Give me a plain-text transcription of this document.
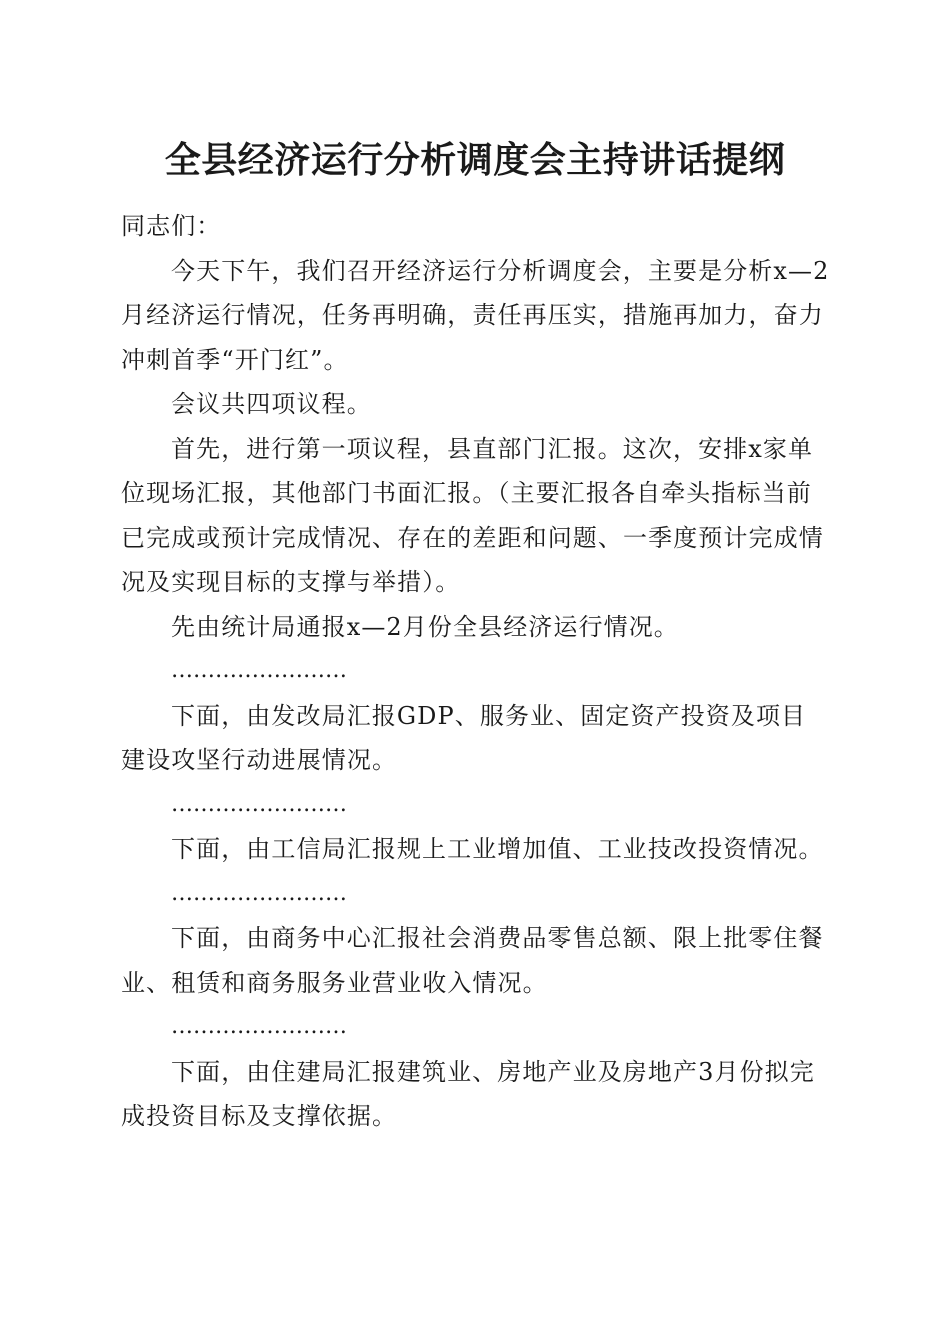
全县经济运行分析调度会主持讲话提纲

同志们：

今天下午，我们召开经济运行分析调度会，主要是分析x—2月经济运行情况，任务再明确，责任再压实，措施再加力，奋力冲刺首季“开门红”。

会议共四项议程。

首先，进行第一项议程，县直部门汇报。这次，安排x家单位现场汇报，其他部门书面汇报。（主要汇报各自牵头指标当前已完成或预计完成情况、存在的差距和问题、一季度预计完成情况及实现目标的支撑与举措）。

先由统计局通报x—2月份全县经济运行情况。

……………………

下面，由发改局汇报GDP、服务业、固定资产投资及项目建设攻坚行动进展情况。

……………………

下面，由工信局汇报规上工业增加值、工业技改投资情况。

……………………

下面，由商务中心汇报社会消费品零售总额、限上批零住餐业、租赁和商务服务业营业收入情况。

……………………

下面，由住建局汇报建筑业、房地产业及房地产3月份拟完成投资目标及支撑依据。
